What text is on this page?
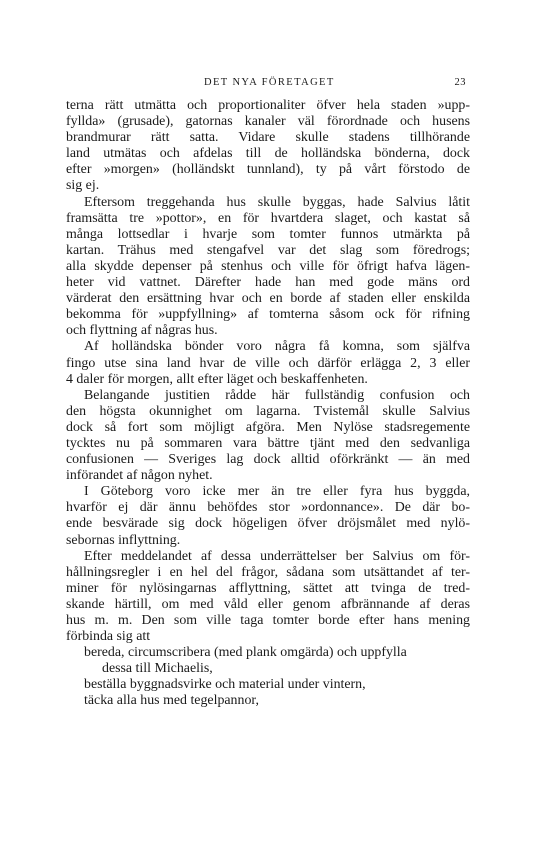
DET NYA FÖRETAGET	23
terna rätt utmätta och proportionaliter öfver hela staden »upp-
fyllda» (grusade), gatornas kanaler väl förordnade och husens
brandmurar rätt satta. Vidare skulle stadens tillhörande
land utmätas och afdelas till de holländska bönderna, dock
efter »morgen» (holländskt tunnland), ty på vårt förstodo de
sig ej.
Eftersom treggehanda hus skulle byggas, hade Salvius låtit
framsätta tre »pottor», en för hvartdera slaget, och kastat så
många lottsedlar i hvarje som tomter funnos utmärkta på
kartan. Trähus med stengafvel var det slag som föredrogs;
alla skydde depenser på stenhus och ville för öfrigt hafva lägen-
heter vid vattnet. Därefter hade han med gode mäns ord
värderat den ersättning hvar och en borde af staden eller enskilda
bekomma för »uppfyllning» af tomterna såsom ock för rifning
och flyttning af någras hus.
Af holländska bönder voro några få komna, som själfva
fingo utse sina land hvar de ville och därför erlägga 2, 3 eller
4 daler för morgen, allt efter läget och beskaffenheten.
Belangande justitien rådde här fullständig confusion och
den högsta okunnighet om lagarna. Tvistemål skulle Salvius
dock så fort som möjligt afgöra. Men Nylöse stadsregemente
tycktes nu på sommaren vara bättre tjänt med den sedvanliga
confusionen — Sveriges lag dock alltid oförkränkt — än med
införandet af någon nyhet.
I Göteborg voro icke mer än tre eller fyra hus byggda,
hvarför ej där ännu behöfdes stor »ordonnance». De där bo-
ende besvärade sig dock högeligen öfver dröjsmålet med nylö-
sebornas inflyttning.
Efter meddelandet af dessa underrättelser ber Salvius om för-
hållningsregler i en hel del frågor, sådana som utsättandet af ter-
miner för nylösingarnas afflyttning, sättet att tvinga de tred-
skande härtill, om med våld eller genom afbrännande af deras
hus m. m. Den som ville taga tomter borde efter hans mening
förbinda sig att
bereda, circumscribera (med plank omgärda) och uppfylla
dessa till Michaelis,
beställa byggnadsvirke och material under vintern,
täcka alla hus med tegelpannor,
